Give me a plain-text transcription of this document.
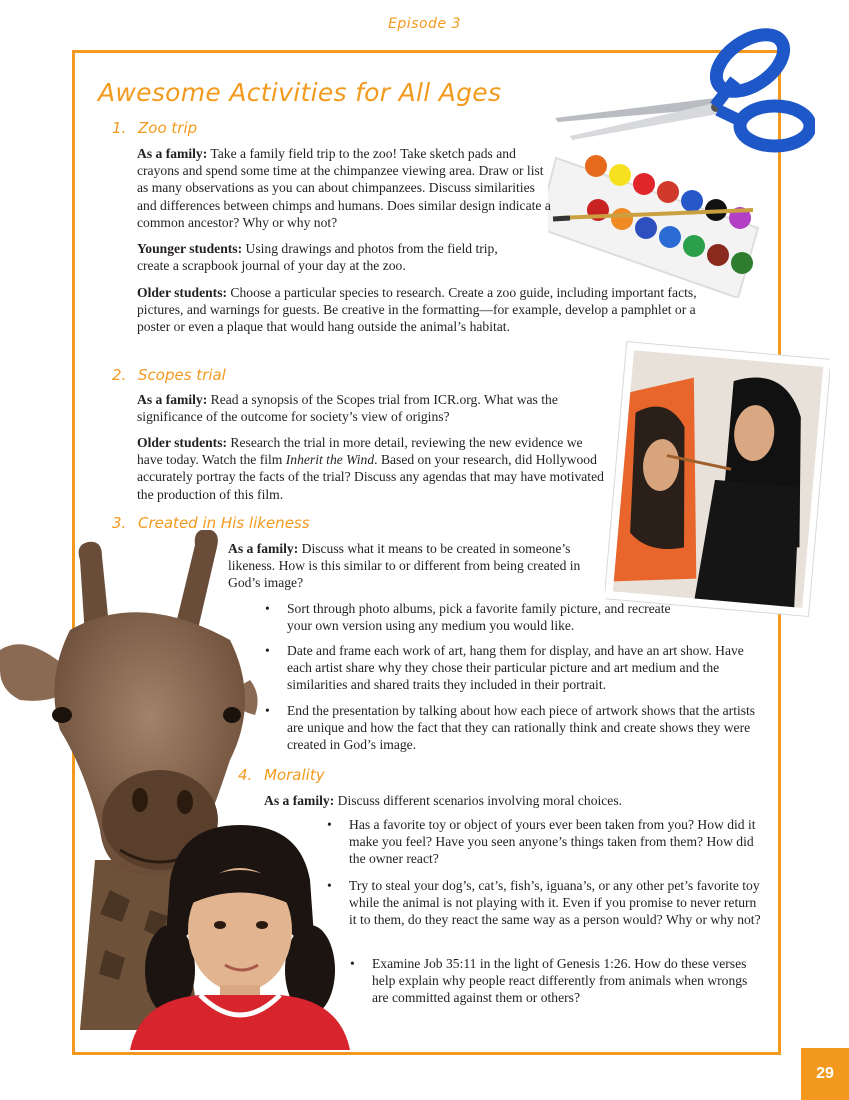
Episode 3
Awesome Activities for All Ages
1. Zoo trip
As a family: Take a family field trip to the zoo! Take sketch pads and crayons and spend some time at the chimpanzee viewing area. Draw or list as many observations as you can about chimpanzees. Discuss similarities and differences between chimps and humans. Does similar design indicate a common ancestor? Why or why not?
Younger students: Using drawings and photos from the field trip, create a scrapbook journal of your day at the zoo.
Older students: Choose a particular species to research. Create a zoo guide, including important facts, pictures, and warnings for guests. Be creative in the formatting—for example, develop a pamphlet or a poster or even a plaque that would hang outside the animal’s habitat.
2. Scopes trial
As a family: Read a synopsis of the Scopes trial from ICR.org. What was the significance of the outcome for society’s view of origins?
Older students: Research the trial in more detail, reviewing the new evidence we have today. Watch the film Inherit the Wind. Based on your research, did Hollywood accurately portray the facts of the trial? Discuss any agendas that may have motivated the production of this film.
3. Created in His likeness
As a family: Discuss what it means to be created in someone’s likeness. How is this similar to or different from being created in God’s image?
• Sort through photo albums, pick a favorite family picture, and recreate your own version using any medium you would like.
• Date and frame each work of art, hang them for display, and have an art show. Have each artist share why they chose their particular picture and art medium and the similarities and shared traits they included in their portrait.
• End the presentation by talking about how each piece of artwork shows that the artists are unique and how the fact that they can rationally think and create shows they were created in God’s image.
4. Morality
As a family: Discuss different scenarios involving moral choices.
• Has a favorite toy or object of yours ever been taken from you? How did it make you feel? Have you seen anyone’s things taken from them? How did the owner react?
• Try to steal your dog’s, cat’s, fish’s, iguana’s, or any other pet’s favorite toy while the animal is not playing with it. Even if you promise to never return it to them, do they react the same way as a person would? Why or why not?
• Examine Job 35:11 in the light of Genesis 1:26. How do these verses help explain why people react differently from animals when wrongs are committed against them or others?
29
